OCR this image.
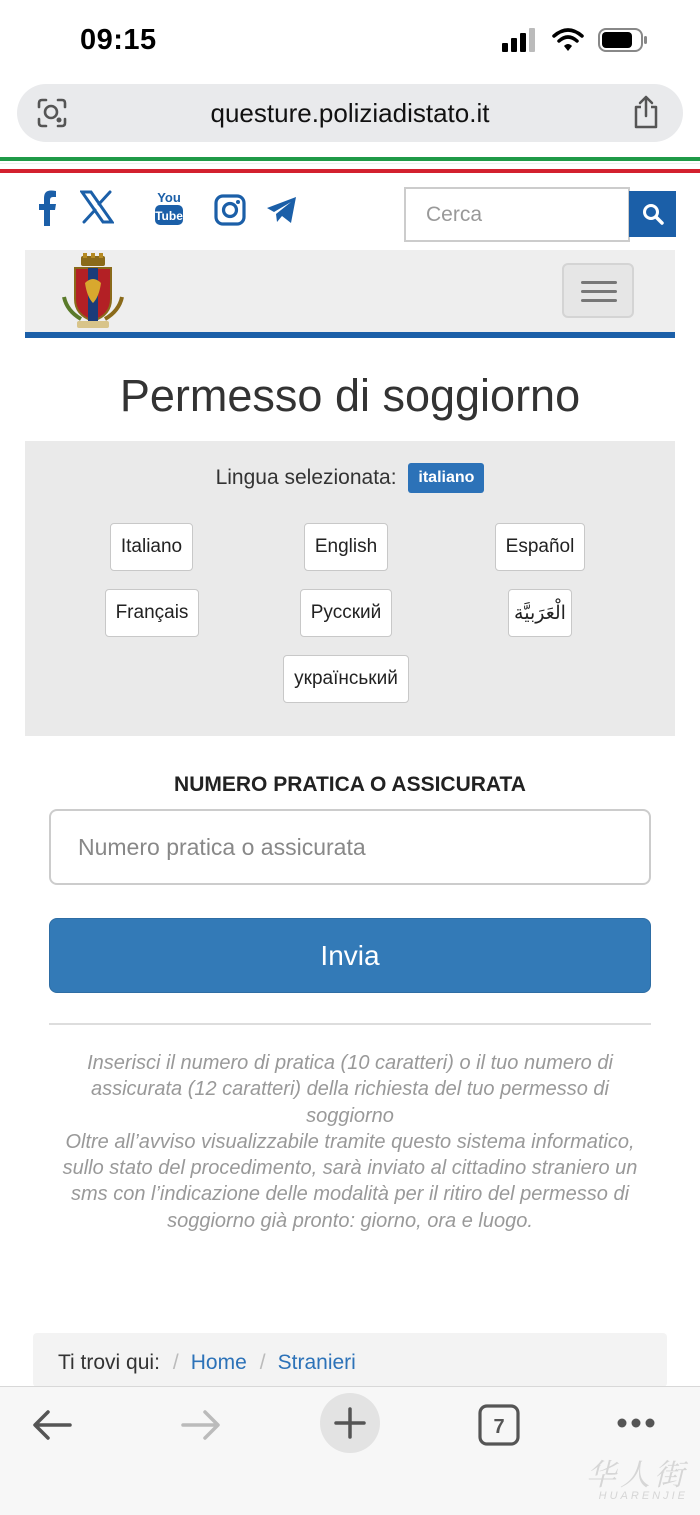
09:15
questure.poliziadistato.it
You
Tube
Cerca
Permesso di soggiorno
Lingua selezionata: italiano
Italiano	English	Español
Français	Русский	الْعَرَبيَّة
український
NUMERO PRATICA O ASSICURATA
Numero pratica o assicurata
Invia
Inserisci il numero di pratica (10 caratteri) o il tuo numero di assicurata (12 caratteri) della richiesta del tuo permesso di soggiorno
Oltre all’avviso visualizzabile tramite questo sistema informatico, sullo stato del procedimento, sarà inviato al cittadino straniero un sms con l’indicazione delle modalità per il ritiro del permesso di soggiorno già pronto: giorno, ora e luogo.
Ti trovi qui: / Home / Stranieri
7
华人街
HUARENJIE
